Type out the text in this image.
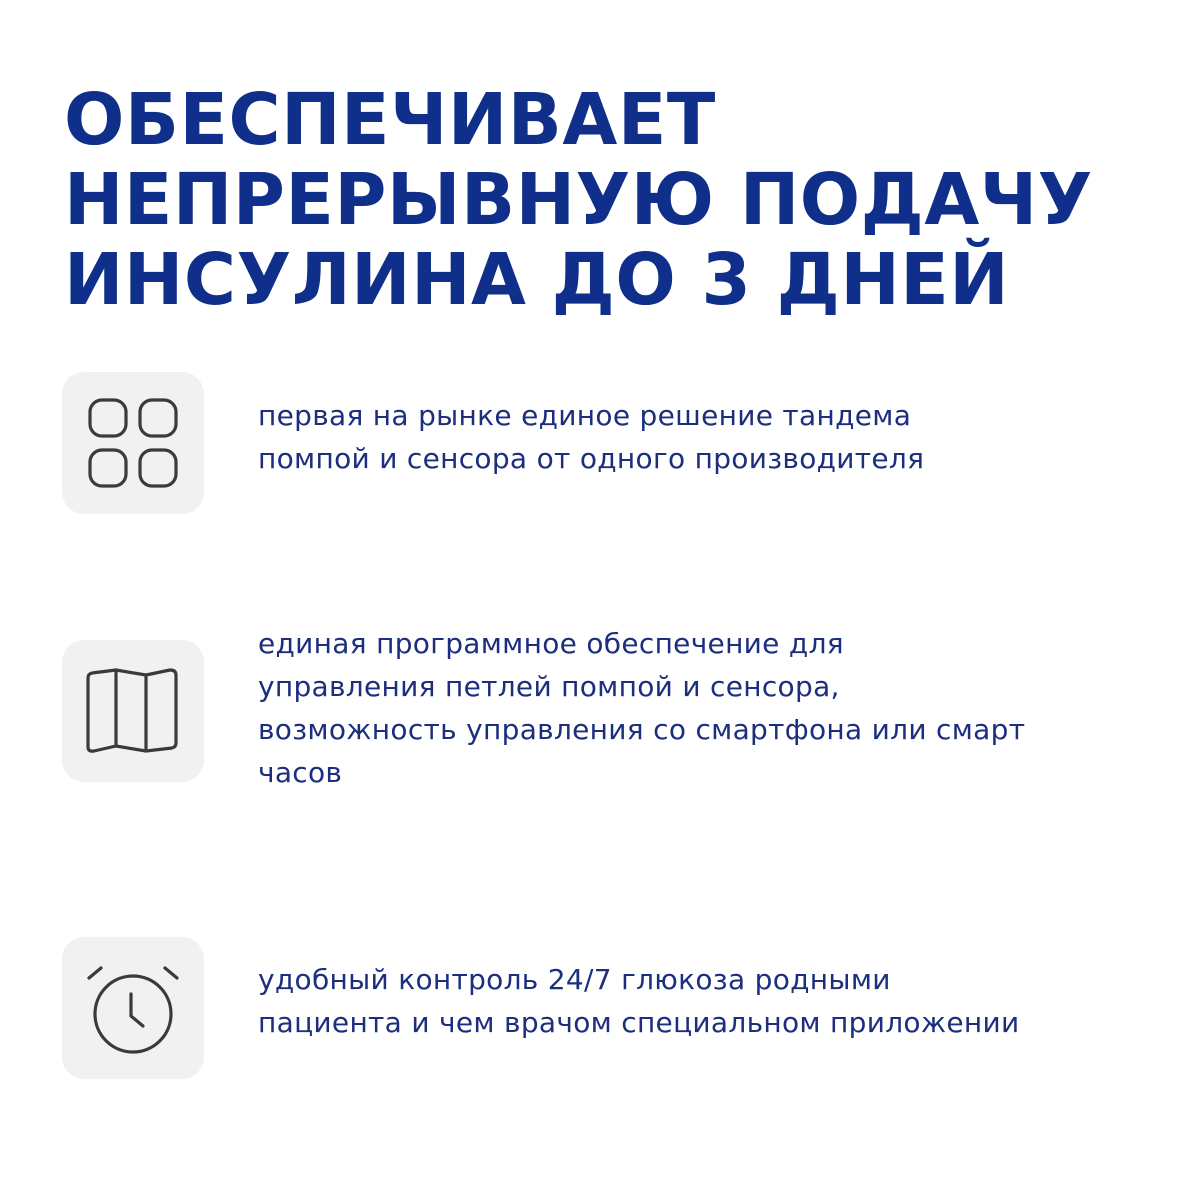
ОБЕСПЕЧИВАЕТ
НЕПРЕРЫВНУЮ ПОДАЧУ
ИНСУЛИНА ДО 3 ДНЕЙ

первая на рынке единое решение тандема
помпой и сенсора от одного производителя

единая программное обеспечение для
управления петлей помпой и сенсора,
возможность управления со смартфона или смарт
часов

удобный контроль 24/7 глюкоза родными
пациента и чем врачом специальном приложении
